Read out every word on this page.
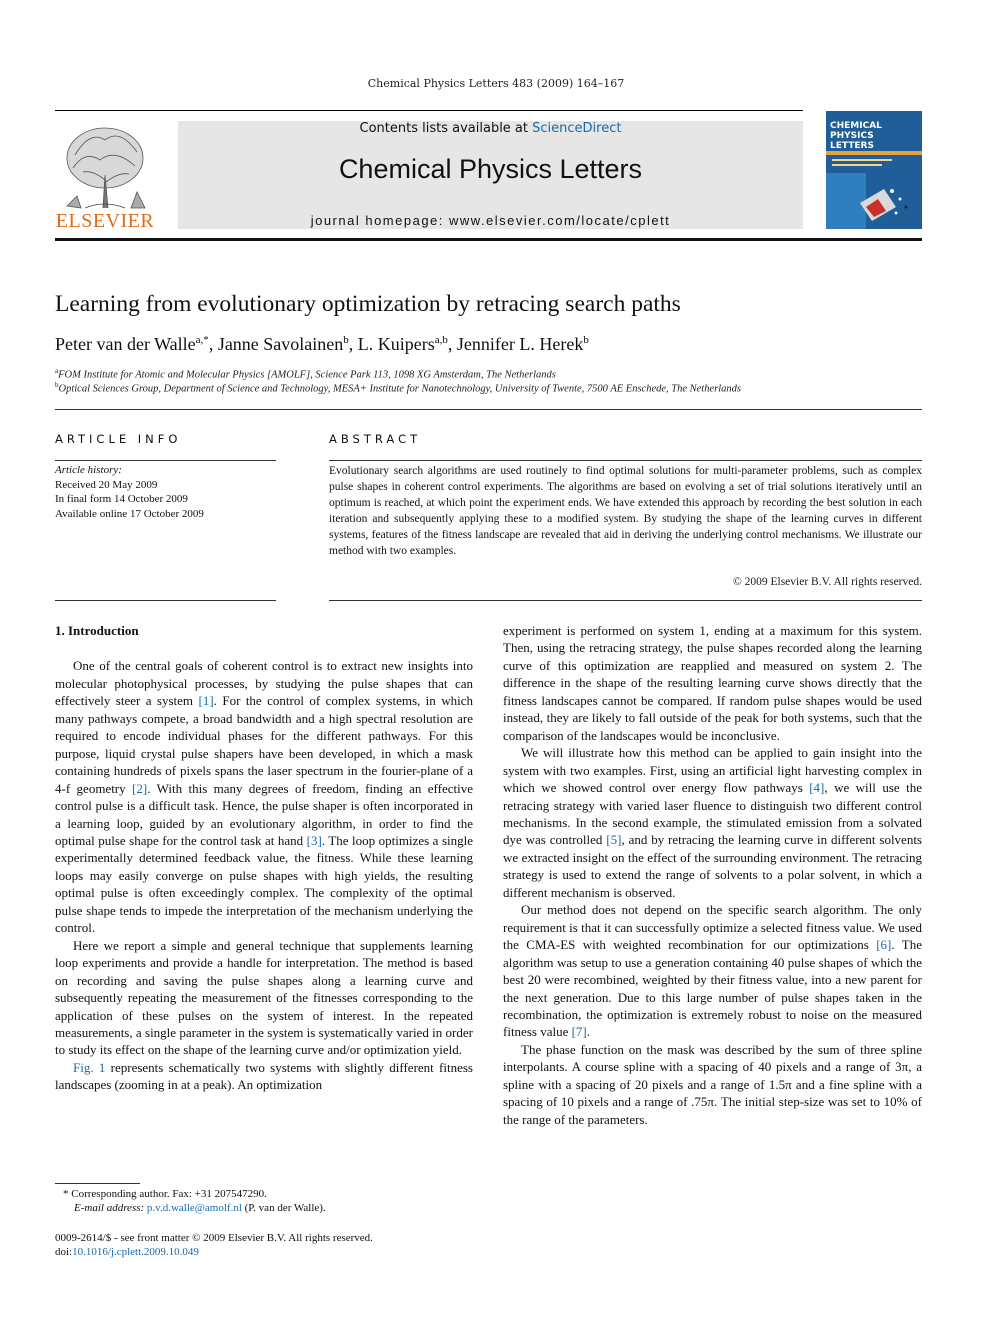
Chemical Physics Letters 483 (2009) 164–167
ELSEVIER
Contents lists available at ScienceDirect
Chemical Physics Letters
journal homepage: www.elsevier.com/locate/cplett
CHEMICAL
PHYSICS
LETTERS
Learning from evolutionary optimization by retracing search paths
Peter van der Walle$^{a,*}$, Janne Savolainen$^b$, L. Kuipers$^{a,b}$, Jennifer L. Herek$^b$
$^a$FOM Institute for Atomic and Molecular Physics [AMOLF], Science Park 113, 1098 XG Amsterdam, The Netherlands
$^b$Optical Sciences Group, Department of Science and Technology, MESA+ Institute for Nanotechnology, University of Twente, 7500 AE Enschede, The Netherlands
ARTICLE INFO
Article history:
Received 20 May 2009
In final form 14 October 2009
Available online 17 October 2009
ABSTRACT
Evolutionary search algorithms are used routinely to find optimal solutions for multi-parameter problems, such as complex pulse shapes in coherent control experiments. The algorithms are based on evolving a set of trial solutions iteratively until an optimum is reached, at which point the experiment ends. We have extended this approach by recording the best solution in each iteration and subsequently applying these to a modified system. By studying the shape of the learning curves in different systems, features of the fitness landscape are revealed that aid in deriving the underlying control mechanisms. We illustrate our method with two examples.
© 2009 Elsevier B.V. All rights reserved.

1. Introduction

One of the central goals of coherent control is to extract new insights into molecular photophysical processes, by studying the pulse shapes that can effectively steer a system [1]. For the control of complex systems, in which many pathways compete, a broad bandwidth and a high spectral resolution are required to encode individual phases for the different pathways. For this purpose, liquid crystal pulse shapers have been developed, in which a mask containing hundreds of pixels spans the laser spectrum in the fourier-plane of a 4-f geometry [2]. With this many degrees of freedom, finding an effective control pulse is a difficult task. Hence, the pulse shaper is often incorporated in a learning loop, guided by an evolutionary algorithm, in order to find the optimal pulse shape for the control task at hand [3]. The loop optimizes a single experimentally determined feedback value, the fitness. While these learning loops may easily converge on pulse shapes with high yields, the resulting optimal pulse is often exceedingly complex. The complexity of the optimal pulse shape tends to impede the interpretation of the mechanism underlying the control.

Here we report a simple and general technique that supplements learning loop experiments and provide a handle for interpretation. The method is based on recording and saving the pulse shapes along a learning curve and subsequently repeating the measurement of the fitnesses corresponding to the application of these pulses on the system of interest. In the repeated measurements, a single parameter in the system is systematically varied in order to study its effect on the shape of the learning curve and/or optimization yield.

Fig. 1 represents schematically two systems with slightly different fitness landscapes (zooming in at a peak). An optimization

experiment is performed on system 1, ending at a maximum for this system. Then, using the retracing strategy, the pulse shapes recorded along the learning curve of this optimization are reapplied and measured on system 2. The difference in the shape of the resulting learning curve shows directly that the fitness landscapes cannot be compared. If random pulse shapes would be used instead, they are likely to fall outside of the peak for both systems, such that the comparison of the landscapes would be inconclusive.

We will illustrate how this method can be applied to gain insight into the system with two examples. First, using an artificial light harvesting complex in which we showed control over energy flow pathways [4], we will use the retracing strategy with varied laser fluence to distinguish two different control mechanisms. In the second example, the stimulated emission from a solvated dye was controlled [5], and by retracing the learning curve in different solvents we extracted insight on the effect of the surrounding environment. The retracing strategy is used to extend the range of solvents to a polar solvent, in which a different mechanism is observed.

Our method does not depend on the specific search algorithm. The only requirement is that it can successfully optimize a selected fitness value. We used the CMA-ES with weighted recombination for our optimizations [6]. The algorithm was setup to use a generation containing 40 pulse shapes of which the best 20 were recombined, weighted by their fitness value, into a new parent for the next generation. Due to this large number of pulse shapes taken in the recombination, the optimization is extremely robust to noise on the measured fitness value [7].

The phase function on the mask was described by the sum of three spline interpolants. A course spline with a spacing of 40 pixels and a range of 3π, a spline with a spacing of 20 pixels and a range of 1.5π and a fine spline with a spacing of 10 pixels and a range of .75π. The initial step-size was set to 10% of the range of the parameters.

* Corresponding author. Fax: +31 207547290.
E-mail address: p.v.d.walle@amolf.nl (P. van der Walle).
0009-2614/$ - see front matter © 2009 Elsevier B.V. All rights reserved.
doi:10.1016/j.cplett.2009.10.049
